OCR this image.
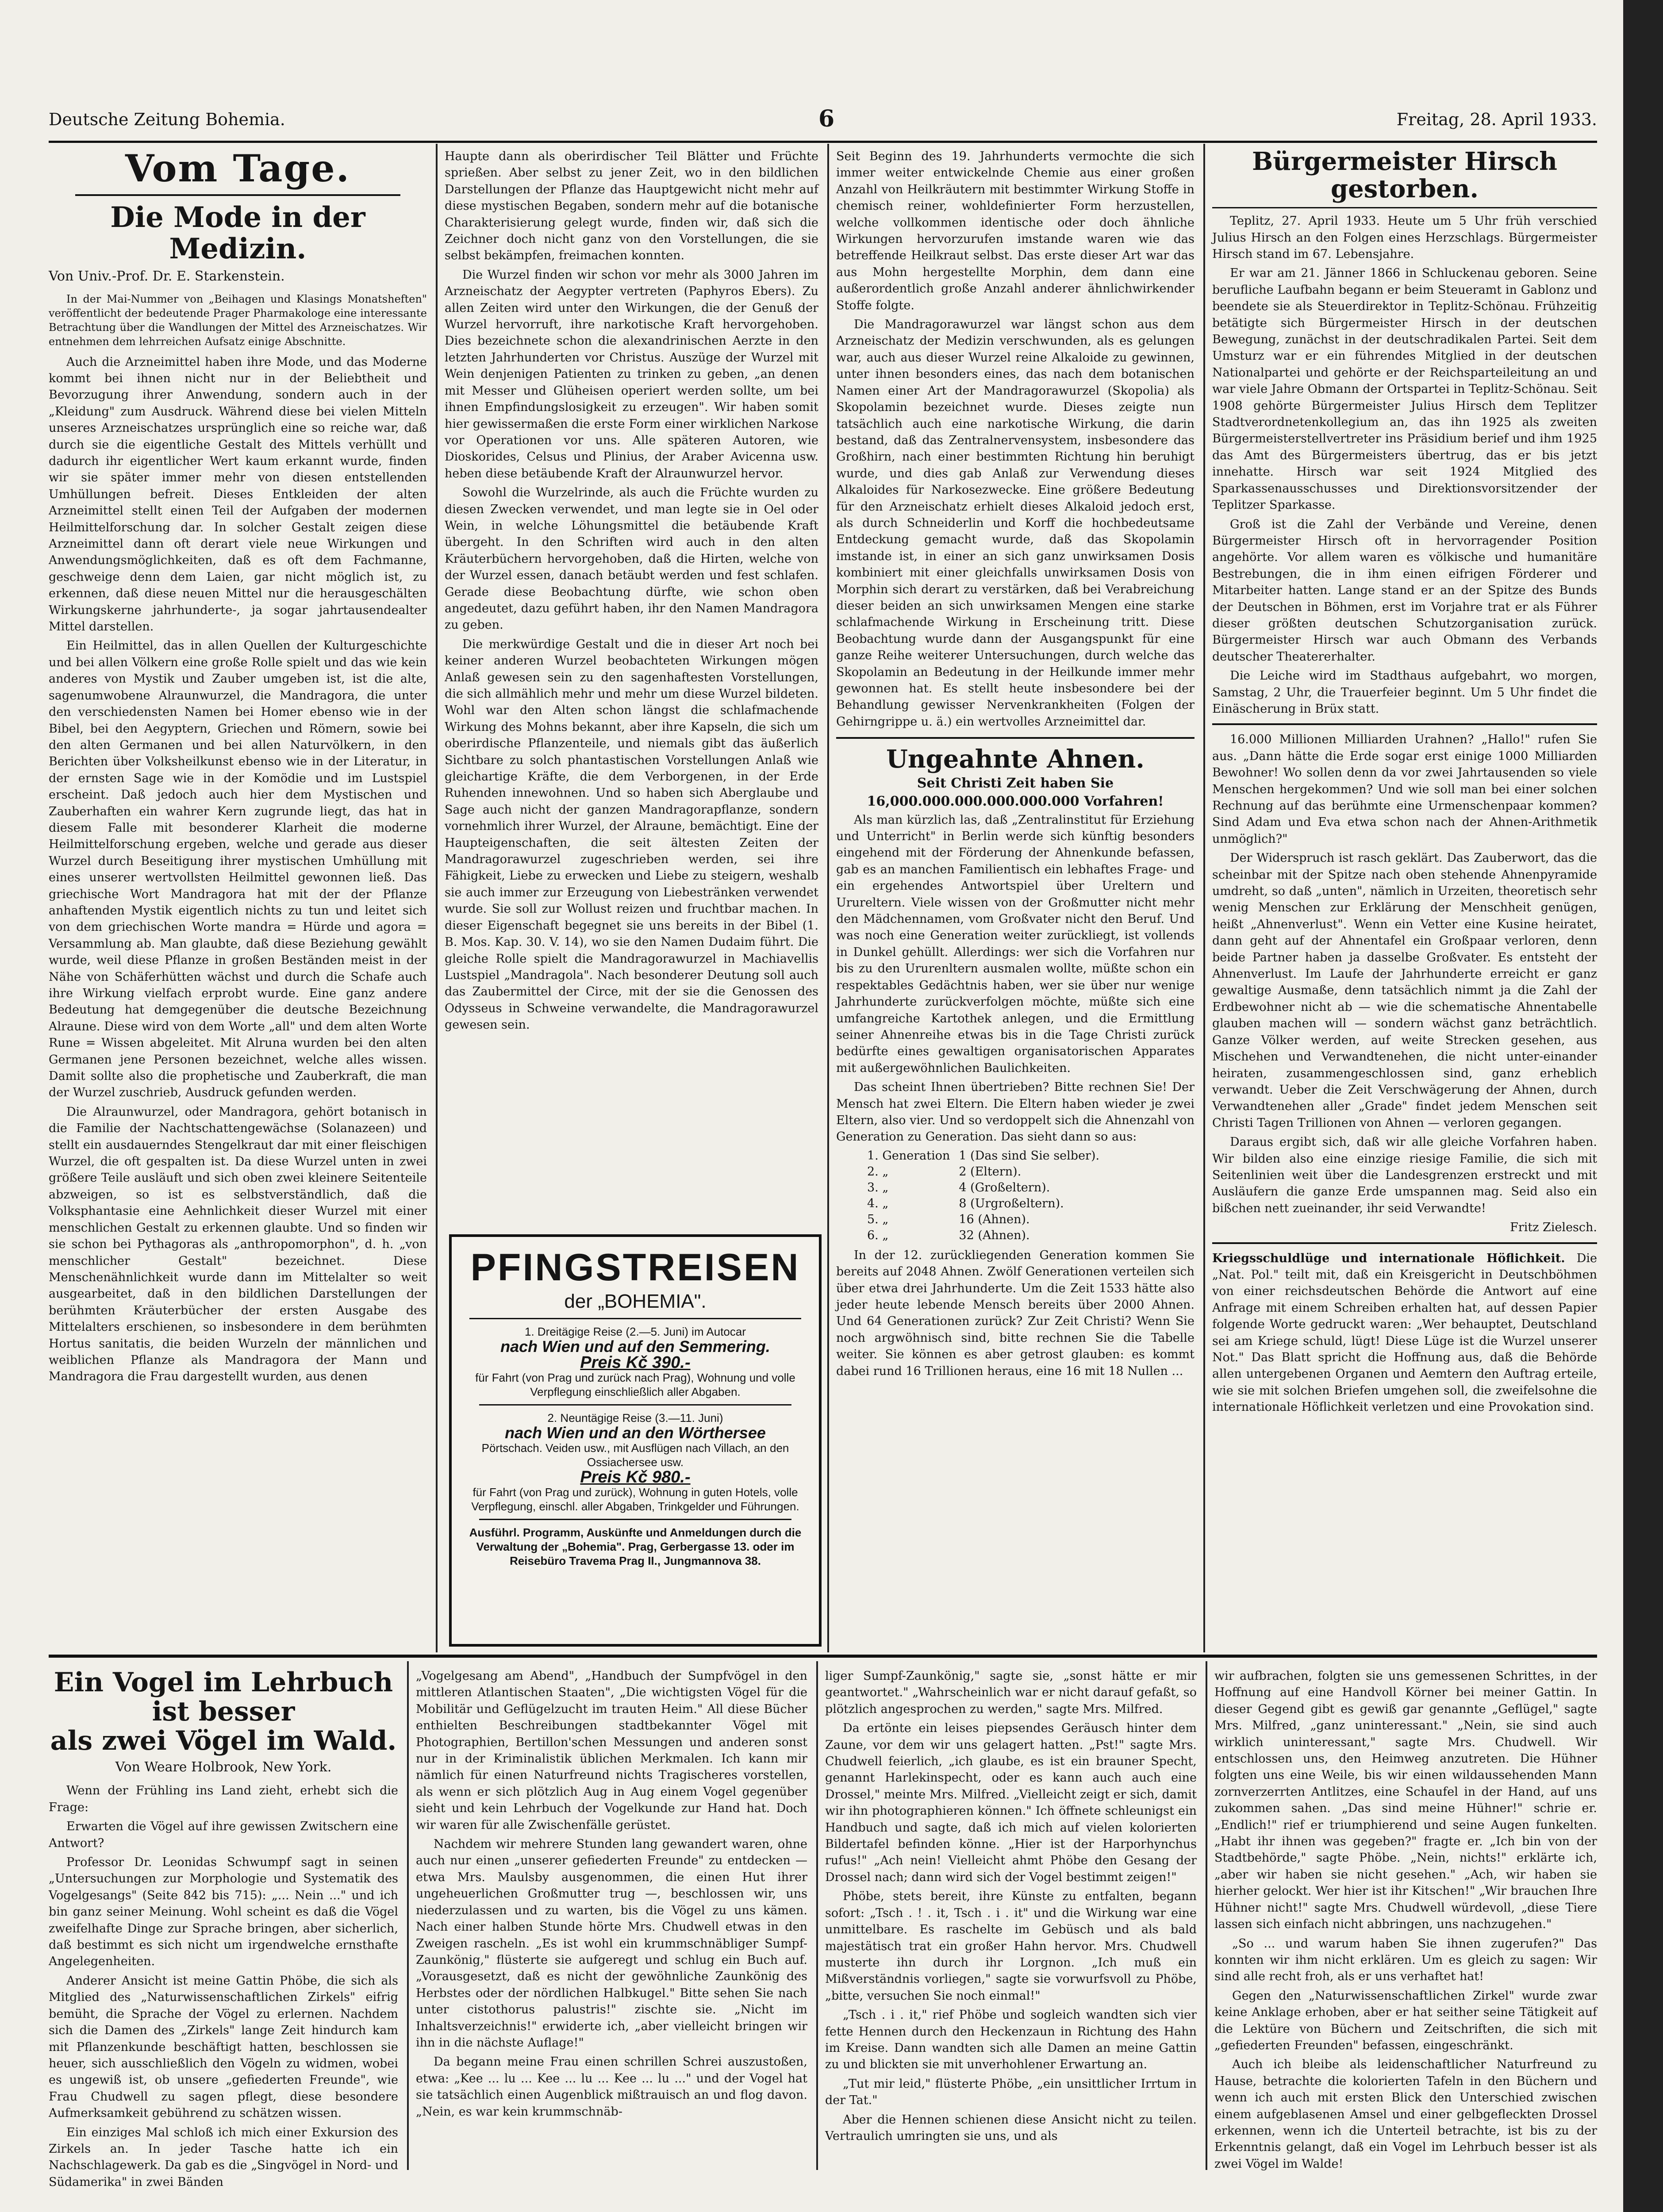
Deutsche Zeitung Bohemia.	6	Freitag, 28. April 1933.
Vom Tage.
Die Mode in der Medizin.
Von Univ.-Prof. Dr. E. Starkenstein.
In der Mai-Nummer von „Beihagen und Klasings Monatsheften" veröffentlicht der bedeutende Prager Pharmakologe eine interessante Betrachtung über die Wandlungen der Mittel des Arzneischatzes. Wir entnehmen dem lehrreichen Aufsatz einige Abschnitte.

Auch die Arzneimittel haben ihre Mode, und das Moderne kommt bei ihnen nicht nur in der Beliebtheit und Bevorzugung ihrer Anwendung, sondern auch in der „Kleidung" zum Ausdruck. Während diese bei vielen Mitteln unseres Arzneischatzes ursprünglich eine so reiche war, daß durch sie die eigentliche Gestalt des Mittels verhüllt und dadurch ihr eigentlicher Wert kaum erkannt wurde, finden wir sie später immer mehr von diesen entstellenden Umhüllungen befreit. Dieses Entkleiden der alten Arzneimittel stellt einen Teil der Aufgaben der modernen Heilmittelforschung dar. In solcher Gestalt zeigen diese Arzneimittel dann oft derart viele neue Wirkungen und Anwendungsmöglichkeiten, daß es oft dem Fachmanne, geschweige denn dem Laien, gar nicht möglich ist, zu erkennen, daß diese neuen Mittel nur die herausgeschälten Wirkungskerne jahrhunderte-, ja sogar jahrtausendealter Mittel darstellen.

Ein Heilmittel, das in allen Quellen der Kulturgeschichte und bei allen Völkern eine große Rolle spielt und das wie kein anderes von Mystik und Zauber umgeben ist, ist die alte, sagenumwobene Alraunwurzel, die Mandragora, die unter den verschiedensten Namen bei Homer ebenso wie in der Bibel, bei den Aegyptern, Griechen und Römern, sowie bei den alten Germanen und bei allen Naturvölkern, in den Berichten über Volksheilkunst ebenso wie in der Literatur, in der ernsten Sage wie in der Komödie und im Lustspiel erscheint. Daß jedoch auch hier dem Mystischen und Zauberhaften ein wahrer Kern zugrunde liegt, das hat in diesem Falle mit besonderer Klarheit die moderne Heilmittelforschung ergeben, welche und gerade aus dieser Wurzel durch Beseitigung ihrer mystischen Umhüllung mit eines unserer wertvollsten Heilmittel gewonnen ließ. Das griechische Wort Mandragora hat mit der der Pflanze anhaftenden Mystik eigentlich nichts zu tun und leitet sich von dem griechischen Worte mandra = Hürde und agora = Versammlung ab. Man glaubte, daß diese Beziehung gewählt wurde, weil diese Pflanze in großen Beständen meist in der Nähe von Schäferhütten wächst und durch die Schafe auch ihre Wirkung vielfach erprobt wurde. Eine ganz andere Bedeutung hat demgegenüber die deutsche Bezeichnung Alraune. Diese wird von dem Worte „all" und dem alten Worte Rune = Wissen abgeleitet. Mit Alruna wurden bei den alten Germanen jene Personen bezeichnet, welche alles wissen. Damit sollte also die prophetische und Zauberkraft, die man der Wurzel zuschrieb, Ausdruck gefunden werden.

Die Alraunwurzel, oder Mandragora, gehört botanisch in die Familie der Nachtschattengewächse (Solanazeen) und stellt ein ausdauerndes Stengelkraut dar mit einer fleischigen Wurzel, die oft gespalten ist. Da diese Wurzel unten in zwei größere Teile ausläuft und sich oben zwei kleinere Seitenteile abzweigen, so ist es selbstverständlich, daß die Volksphantasie eine Aehnlichkeit dieser Wurzel mit einer menschlichen Gestalt zu erkennen glaubte. Und so finden wir sie schon bei Pythagoras als „anthropomorphon", d. h. „von menschlicher Gestalt" bezeichnet. Diese Menschenähnlichkeit wurde dann im Mittelalter so weit ausgearbeitet, daß in den bildlichen Darstellungen der berühmten Kräuterbücher der ersten Ausgabe des Mittelalters erschienen, so insbesondere in dem berühmten Hortus sanitatis, die beiden Wurzeln der männlichen und weiblichen Pflanze als Mandragora der Mann und Mandragora die Frau dargestellt wurden, aus denen

Haupte dann als oberirdischer Teil Blätter und Früchte sprießen. Aber selbst zu jener Zeit, wo in den bildlichen Darstellungen der Pflanze das Hauptgewicht nicht mehr auf diese mystischen Begaben, sondern mehr auf die botanische Charakterisierung gelegt wurde, finden wir, daß sich die Zeichner doch nicht ganz von den Vorstellungen, die sie selbst bekämpfen, freimachen konnten.

Die Wurzel finden wir schon vor mehr als 3000 Jahren im Arzneischatz der Aegypter vertreten (Paphyros Ebers). Zu allen Zeiten wird unter den Wirkungen, die der Genuß der Wurzel hervorruft, ihre narkotische Kraft hervorgehoben. Dies bezeichnete schon die alexandrinischen Aerzte in den letzten Jahrhunderten vor Christus. Auszüge der Wurzel mit Wein denjenigen Patienten zu trinken zu geben, „an denen mit Messer und Glüheisen operiert werden sollte, um bei ihnen Empfindungslosigkeit zu erzeugen". Wir haben somit hier gewissermaßen die erste Form einer wirklichen Narkose vor Operationen vor uns. Alle späteren Autoren, wie Dioskorides, Celsus und Plinius, der Araber Avicenna usw. heben diese betäubende Kraft der Alraunwurzel hervor.

Sowohl die Wurzelrinde, als auch die Früchte wurden zu diesen Zwecken verwendet, und man legte sie in Oel oder Wein, in welche Löhungsmittel die betäubende Kraft übergeht. In den Schriften wird auch in den alten Kräuterbüchern hervorgehoben, daß die Hirten, welche von der Wurzel essen, danach betäubt werden und fest schlafen. Gerade diese Beobachtung dürfte, wie schon oben angedeutet, dazu geführt haben, ihr den Namen Mandragora zu geben.

Die merkwürdige Gestalt und die in dieser Art noch bei keiner anderen Wurzel beobachteten Wirkungen mögen Anlaß gewesen sein zu den sagenhaftesten Vorstellungen, die sich allmählich mehr und mehr um diese Wurzel bildeten. Wohl war den Alten schon längst die schlafmachende Wirkung des Mohns bekannt, aber ihre Kapseln, die sich um oberirdische Pflanzenteile, und niemals gibt das äußerlich Sichtbare zu solch phantastischen Vorstellungen Anlaß wie gleichartige Kräfte, die dem Verborgenen, in der Erde Ruhenden innewohnen. Und so haben sich Aberglaube und Sage auch nicht der ganzen Mandragorapflanze, sondern vornehmlich ihrer Wurzel, der Alraune, bemächtigt. Eine der Haupteigenschaften, die seit ältesten Zeiten der Mandragorawurzel zugeschrieben werden, sei ihre Fähigkeit, Liebe zu erwecken und Liebe zu steigern, weshalb sie auch immer zur Erzeugung von Liebestränken verwendet wurde. Sie soll zur Wollust reizen und fruchtbar machen. In dieser Eigenschaft begegnet sie uns bereits in der Bibel (1. B. Mos. Kap. 30. V. 14), wo sie den Namen Dudaim führt. Die gleiche Rolle spielt die Mandragorawurzel in Machiavellis Lustspiel „Mandragola". Nach besonderer Deutung soll auch das Zaubermittel der Circe, mit der sie die Genossen des Odysseus in Schweine verwandelte, die Mandragorawurzel gewesen sein.

PFINGSTREISEN
der „BOHEMIA".
1. Dreitägige Reise (2.—5. Juni) im Autocar
nach Wien und auf den Semmering.
Preis Kč 390.-
für Fahrt (von Prag und zurück nach Prag), Wohnung und volle Verpflegung einschließlich aller Abgaben.
2. Neuntägige Reise (3.—11. Juni)
nach Wien und an den Wörthersee
Pörtschach. Veiden usw., mit Ausflügen nach Villach, an den Ossiachersee usw.
Preis Kč 980.-
für Fahrt (von Prag und zurück), Wohnung in guten Hotels, volle Verpflegung, einschl. aller Abgaben, Trinkgelder und Führungen.
Ausführl. Programm, Auskünfte und Anmeldungen durch die Verwaltung der „Bohemia". Prag, Gerbergasse 13. oder im Reisebüro Travema Prag II., Jungmannova 38.

Seit Beginn des 19. Jahrhunderts vermochte die sich immer weiter entwickelnde Chemie aus einer großen Anzahl von Heilkräutern mit bestimmter Wirkung Stoffe in chemisch reiner, wohldefinierter Form herzustellen, welche vollkommen identische oder doch ähnliche Wirkungen hervorzurufen imstande waren wie das betreffende Heilkraut selbst. Das erste dieser Art war das aus Mohn hergestellte Morphin, dem dann eine außerordentlich große Anzahl anderer ähnlichwirkender Stoffe folgte.

Die Mandragorawurzel war längst schon aus dem Arzneischatz der Medizin verschwunden, als es gelungen war, auch aus dieser Wurzel reine Alkaloide zu gewinnen, unter ihnen besonders eines, das nach dem botanischen Namen einer Art der Mandragorawurzel (Skopolia) als Skopolamin bezeichnet wurde. Dieses zeigte nun tatsächlich auch eine narkotische Wirkung, die darin bestand, daß das Zentralnervensystem, insbesondere das Großhirn, nach einer bestimmten Richtung hin beruhigt wurde, und dies gab Anlaß zur Verwendung dieses Alkaloides für Narkosezwecke. Eine größere Bedeutung für den Arzneischatz erhielt dieses Alkaloid jedoch erst, als durch Schneiderlin und Korff die hochbedeutsame Entdeckung gemacht wurde, daß das Skopolamin imstande ist, in einer an sich ganz unwirksamen Dosis kombiniert mit einer gleichfalls unwirksamen Dosis von Morphin sich derart zu verstärken, daß bei Verabreichung dieser beiden an sich unwirksamen Mengen eine starke schlafmachende Wirkung in Erscheinung tritt. Diese Beobachtung wurde dann der Ausgangspunkt für eine ganze Reihe weiterer Untersuchungen, durch welche das Skopolamin an Bedeutung in der Heilkunde immer mehr gewonnen hat. Es stellt heute insbesondere bei der Behandlung gewisser Nervenkrankheiten (Folgen der Gehirngrippe u. ä.) ein wertvolles Arzneimittel dar.

Ungeahnte Ahnen.
Seit Christi Zeit haben Sie
16,000.000.000.000.000.000 Vorfahren!

Als man kürzlich las, daß „Zentralinstitut für Erziehung und Unterricht" in Berlin werde sich künftig besonders eingehend mit der Förderung der Ahnenkunde befassen, gab es an manchen Familientisch ein lebhaftes Frage- und ein ergehendes Antwortspiel über Ureltern und Urureltern. Viele wissen von der Großmutter nicht mehr den Mädchennamen, vom Großvater nicht den Beruf. Und was noch eine Generation weiter zurückliegt, ist vollends in Dunkel gehüllt. Allerdings: wer sich die Vorfahren nur bis zu den Ururenltern ausmalen wollte, müßte schon ein respektables Gedächtnis haben, wer sie über nur wenige Jahrhunderte zurückverfolgen möchte, müßte sich eine umfangreiche Kartothek anlegen, und die Ermittlung seiner Ahnenreihe etwas bis in die Tage Christi zurück bedürfte eines gewaltigen organisatorischen Apparates mit außergewöhnlichen Baulichkeiten.

Das scheint Ihnen übertrieben? Bitte rechnen Sie! Der Mensch hat zwei Eltern. Die Eltern haben wieder je zwei Eltern, also vier. Und so verdoppelt sich die Ahnenzahl von Generation zu Generation. Das sieht dann so aus:

1. Generation	1 (Das sind Sie selber).
2. „	2 (Eltern).
3. „	4 (Großeltern).
4. „	8 (Urgroßeltern).
5. „	16 (Ahnen).
6. „	32 (Ahnen).

In der 12. zurückliegenden Generation kommen Sie bereits auf 2048 Ahnen. Zwölf Generationen verteilen sich über etwa drei Jahrhunderte. Um die Zeit 1533 hätte also jeder heute lebende Mensch bereits über 2000 Ahnen. Und 64 Generationen zurück? Zur Zeit Christi? Wenn Sie noch argwöhnisch sind, bitte rechnen Sie die Tabelle weiter. Sie können es aber getrost glauben: es kommt dabei rund 16 Trillionen heraus, eine 16 mit 18 Nullen ...

Bürgermeister Hirsch gestorben.

Teplitz, 27. April 1933. Heute um 5 Uhr früh verschied Julius Hirsch an den Folgen eines Herzschlags. Bürgermeister Hirsch stand im 67. Lebensjahre.

Er war am 21. Jänner 1866 in Schluckenau geboren. Seine berufliche Laufbahn begann er beim Steueramt in Gablonz und beendete sie als Steuerdirektor in Teplitz-Schönau. Frühzeitig betätigte sich Bürgermeister Hirsch in der deutschen Bewegung, zunächst in der deutschradikalen Partei. Seit dem Umsturz war er ein führendes Mitglied in der deutschen Nationalpartei und gehörte er der Reichsparteileitung an und war viele Jahre Obmann der Ortspartei in Teplitz-Schönau. Seit 1908 gehörte Bürgermeister Julius Hirsch dem Teplitzer Stadtverordnetenkollegium an, das ihn 1925 als zweiten Bürgermeisterstellvertreter ins Präsidium berief und ihm 1925 das Amt des Bürgermeisters übertrug, das er bis jetzt innehatte. Hirsch war seit 1924 Mitglied des Sparkassenausschusses und Direktionsvorsitzender der Teplitzer Sparkasse.

Groß ist die Zahl der Verbände und Vereine, denen Bürgermeister Hirsch oft in hervorragender Position angehörte. Vor allem waren es völkische und humanitäre Bestrebungen, die in ihm einen eifrigen Förderer und Mitarbeiter hatten. Lange stand er an der Spitze des Bunds der Deutschen in Böhmen, erst im Vorjahre trat er als Führer dieser größten deutschen Schutzorganisation zurück. Bürgermeister Hirsch war auch Obmann des Verbands deutscher Theatererhalter.

Die Leiche wird im Stadthaus aufgebahrt, wo morgen, Samstag, 2 Uhr, die Trauerfeier beginnt. Um 5 Uhr findet die Einäscherung in Brüx statt.

16.000 Millionen Milliarden Urahnen? „Hallo!" rufen Sie aus. „Dann hätte die Erde sogar erst einige 1000 Milliarden Bewohner! Wo sollen denn da vor zwei Jahrtausenden so viele Menschen hergekommen? Und wie soll man bei einer solchen Rechnung auf das berühmte eine Urmenschenpaar kommen? Sind Adam und Eva etwa schon nach der Ahnen-Arithmetik unmöglich?"

Der Widerspruch ist rasch geklärt. Das Zauberwort, das die scheinbar mit der Spitze nach oben stehende Ahnenpyramide umdreht, so daß „unten", nämlich in Urzeiten, theoretisch sehr wenig Menschen zur Erklärung der Menschheit genügen, heißt „Ahnenverlust". Wenn ein Vetter eine Kusine heiratet, dann geht auf der Ahnentafel ein Großpaar verloren, denn beide Partner haben ja dasselbe Großvater. Es entsteht der Ahnenverlust. Im Laufe der Jahrhunderte erreicht er ganz gewaltige Ausmaße, denn tatsächlich nimmt ja die Zahl der Erdbewohner nicht ab — wie die schematische Ahnentabelle glauben machen will — sondern wächst ganz beträchtlich. Ganze Völker werden, auf weite Strecken gesehen, aus Mischehen und Verwandtenehen, die nicht unter-einander heiraten, zusammengeschlossen sind, ganz erheblich verwandt. Ueber die Zeit Verschwägerung der Ahnen, durch Verwandtenehen aller „Grade" findet jedem Menschen seit Christi Tagen Trillionen von Ahnen — verloren gegangen.

Daraus ergibt sich, daß wir alle gleiche Vorfahren haben. Wir bilden also eine einzige riesige Familie, die sich mit Seitenlinien weit über die Landesgrenzen erstreckt und mit Ausläufern die ganze Erde umspannen mag. Seid also ein bißchen nett zueinander, ihr seid Verwandte!

Fritz Zielesch.

Kriegsschuldlüge und internationale Höflichkeit. Die „Nat. Pol." teilt mit, daß ein Kreisgericht in Deutschböhmen von einer reichsdeutschen Behörde die Antwort auf eine Anfrage mit einem Schreiben erhalten hat, auf dessen Papier folgende Worte gedruckt waren: „Wer behauptet, Deutschland sei am Kriege schuld, lügt! Diese Lüge ist die Wurzel unserer Not." Das Blatt spricht die Hoffnung aus, daß die Behörde allen untergebenen Organen und Aemtern den Auftrag erteile, wie sie mit solchen Briefen umgehen soll, die zweifelsohne die internationale Höflichkeit verletzen und eine Provokation sind.

Ein Vogel im Lehrbuch ist besser
als zwei Vögel im Wald.
Von Weare Holbrook, New York.

Wenn der Frühling ins Land zieht, erhebt sich die Frage:

Erwarten die Vögel auf ihre gewissen Zwitschern eine Antwort?

Professor Dr. Leonidas Schwumpf sagt in seinen „Untersuchungen zur Morphologie und Systematik des Vogelgesangs" (Seite 842 bis 715): „... Nein ..." und ich bin ganz seiner Meinung. Wohl scheint es daß die Vögel zweifelhafte Dinge zur Sprache bringen, aber sicherlich, daß bestimmt es sich nicht um irgendwelche ernsthafte Angelegenheiten.

Anderer Ansicht ist meine Gattin Phöbe, die sich als Mitglied des „Naturwissenschaftlichen Zirkels" eifrig bemüht, die Sprache der Vögel zu erlernen. Nachdem sich die Damen des „Zirkels" lange Zeit hindurch kam mit Pflanzenkunde beschäftigt hatten, beschlossen sie heuer, sich ausschließlich den Vögeln zu widmen, wobei es ungewiß ist, ob unsere „gefiederten Freunde", wie Frau Chudwell zu sagen pflegt, diese besondere Aufmerksamkeit gebührend zu schätzen wissen.

Ein einziges Mal schloß ich mich einer Exkursion des Zirkels an. In jeder Tasche hatte ich ein Nachschlagewerk. Da gab es die „Singvögel in Nord- und Südamerika" in zwei Bänden

„Vogelgesang am Abend", „Handbuch der Sumpfvögel in den mittleren Atlantischen Staaten", „Die wichtigsten Vögel für die Mobilitär und Geflügelzucht im trauten Heim." All diese Bücher enthielten Beschreibungen stadtbekannter Vögel mit Photographien, Bertillon'schen Messungen und anderen sonst nur in der Kriminalistik üblichen Merkmalen. Ich kann mir nämlich für einen Naturfreund nichts Tragischeres vorstellen, als wenn er sich plötzlich Aug in Aug einem Vogel gegenüber sieht und kein Lehrbuch der Vogelkunde zur Hand hat. Doch wir waren für alle Zwischenfälle gerüstet.

Nachdem wir mehrere Stunden lang gewandert waren, ohne auch nur einen „unserer gefiederten Freunde" zu entdecken — etwa Mrs. Maulsby ausgenommen, die einen Hut ihrer ungeheuerlichen Großmutter trug —, beschlossen wir, uns niederzulassen und zu warten, bis die Vögel zu uns kämen. Nach einer halben Stunde hörte Mrs. Chudwell etwas in den Zweigen rascheln. „Es ist wohl ein krummschnäbliger Sumpf-Zaunkönig," flüsterte sie aufgeregt und schlug ein Buch auf. „Vorausgesetzt, daß es nicht der gewöhnliche Zaunkönig des Herbstes oder der nördlichen Halbkugel." Bitte sehen Sie nach unter cistothorus palustris!" zischte sie. „Nicht im Inhaltsverzeichnis!" erwiderte ich, „aber vielleicht bringen wir ihn in die nächste Auflage!"

Da begann meine Frau einen schrillen Schrei auszustoßen, etwa: „Kee ... lu ... Kee ... lu ... Kee ... lu ..." und der Vogel hat sie tatsächlich einen Augenblick mißtrauisch an und flog davon. „Nein, es war kein krummschnäb-

liger Sumpf-Zaunkönig," sagte sie, „sonst hätte er mir geantwortet." „Wahrscheinlich war er nicht darauf gefaßt, so plötzlich angesprochen zu werden," sagte Mrs. Milfred.

Da ertönte ein leises piepsendes Geräusch hinter dem Zaune, vor dem wir uns gelagert hatten. „Pst!" sagte Mrs. Chudwell feierlich, „ich glaube, es ist ein brauner Specht, genannt Harlekinspecht, oder es kann auch auch eine Drossel," meinte Mrs. Milfred. „Vielleicht zeigt er sich, damit wir ihn photographieren können." Ich öffnete schleunigst ein Handbuch und sagte, daß ich mich auf vielen kolorierten Bildertafel befinden könne. „Hier ist der Harporhynchus rufus!" „Ach nein! Vielleicht ahmt Phöbe den Gesang der Drossel nach; dann wird sich der Vogel bestimmt zeigen!"

Phöbe, stets bereit, ihre Künste zu entfalten, begann sofort: „Tsch . ! . it, Tsch . i . it" und die Wirkung war eine unmittelbare. Es raschelte im Gebüsch und als bald majestätisch trat ein großer Hahn hervor. Mrs. Chudwell musterte ihn durch ihr Lorgnon. „Ich muß ein Mißverständnis vorliegen," sagte sie vorwurfsvoll zu Phöbe, „bitte, versuchen Sie noch einmal!"

„Tsch . i . it," rief Phöbe und sogleich wandten sich vier fette Hennen durch den Heckenzaun in Richtung des Hahn im Kreise. Dann wandten sich alle Damen an meine Gattin zu und blickten sie mit unverhohlener Erwartung an.

„Tut mir leid," flüsterte Phöbe, „ein unsittlicher Irrtum in der Tat."

Aber die Hennen schienen diese Ansicht nicht zu teilen. Vertraulich umringten sie uns, und als

wir aufbrachen, folgten sie uns gemessenen Schrittes, in der Hoffnung auf eine Handvoll Körner bei meiner Gattin. In dieser Gegend gibt es gewiß gar genannte „Geflügel," sagte Mrs. Milfred, „ganz uninteressant." „Nein, sie sind auch wirklich uninteressant," sagte Mrs. Chudwell. Wir entschlossen uns, den Heimweg anzutreten. Die Hühner folgten uns eine Weile, bis wir einen wildaussehenden Mann zornverzerrten Antlitzes, eine Schaufel in der Hand, auf uns zukommen sahen. „Das sind meine Hühner!" schrie er. „Endlich!" rief er triumphierend und seine Augen funkelten. „Habt ihr ihnen was gegeben?" fragte er. „Ich bin von der Stadtbehörde," sagte Phöbe. „Nein, nichts!" erklärte ich, „aber wir haben sie nicht gesehen." „Ach, wir haben sie hierher gelockt. Wer hier ist ihr Kitschen!" „Wir brauchen Ihre Hühner nicht!" sagte Mrs. Chudwell würdevoll, „diese Tiere lassen sich einfach nicht abbringen, uns nachzugehen."

„So ... und warum haben Sie ihnen zugerufen?" Das konnten wir ihm nicht erklären. Um es gleich zu sagen: Wir sind alle recht froh, als er uns verhaftet hat!

Gegen den „Naturwissenschaftlichen Zirkel" wurde zwar keine Anklage erhoben, aber er hat seither seine Tätigkeit auf die Lektüre von Büchern und Zeitschriften, die sich mit „gefiederten Freunden" befassen, eingeschränkt.

Auch ich bleibe als leidenschaftlicher Naturfreund zu Hause, betrachte die kolorierten Tafeln in den Büchern und wenn ich auch mit ersten Blick den Unterschied zwischen einem aufgeblasenen Amsel und einer gelbgefleckten Drossel erkennen, wenn ich die Unterteil betrachte, ist bis zu der Erkenntnis gelangt, daß ein Vogel im Lehrbuch besser ist als zwei Vögel im Walde!
